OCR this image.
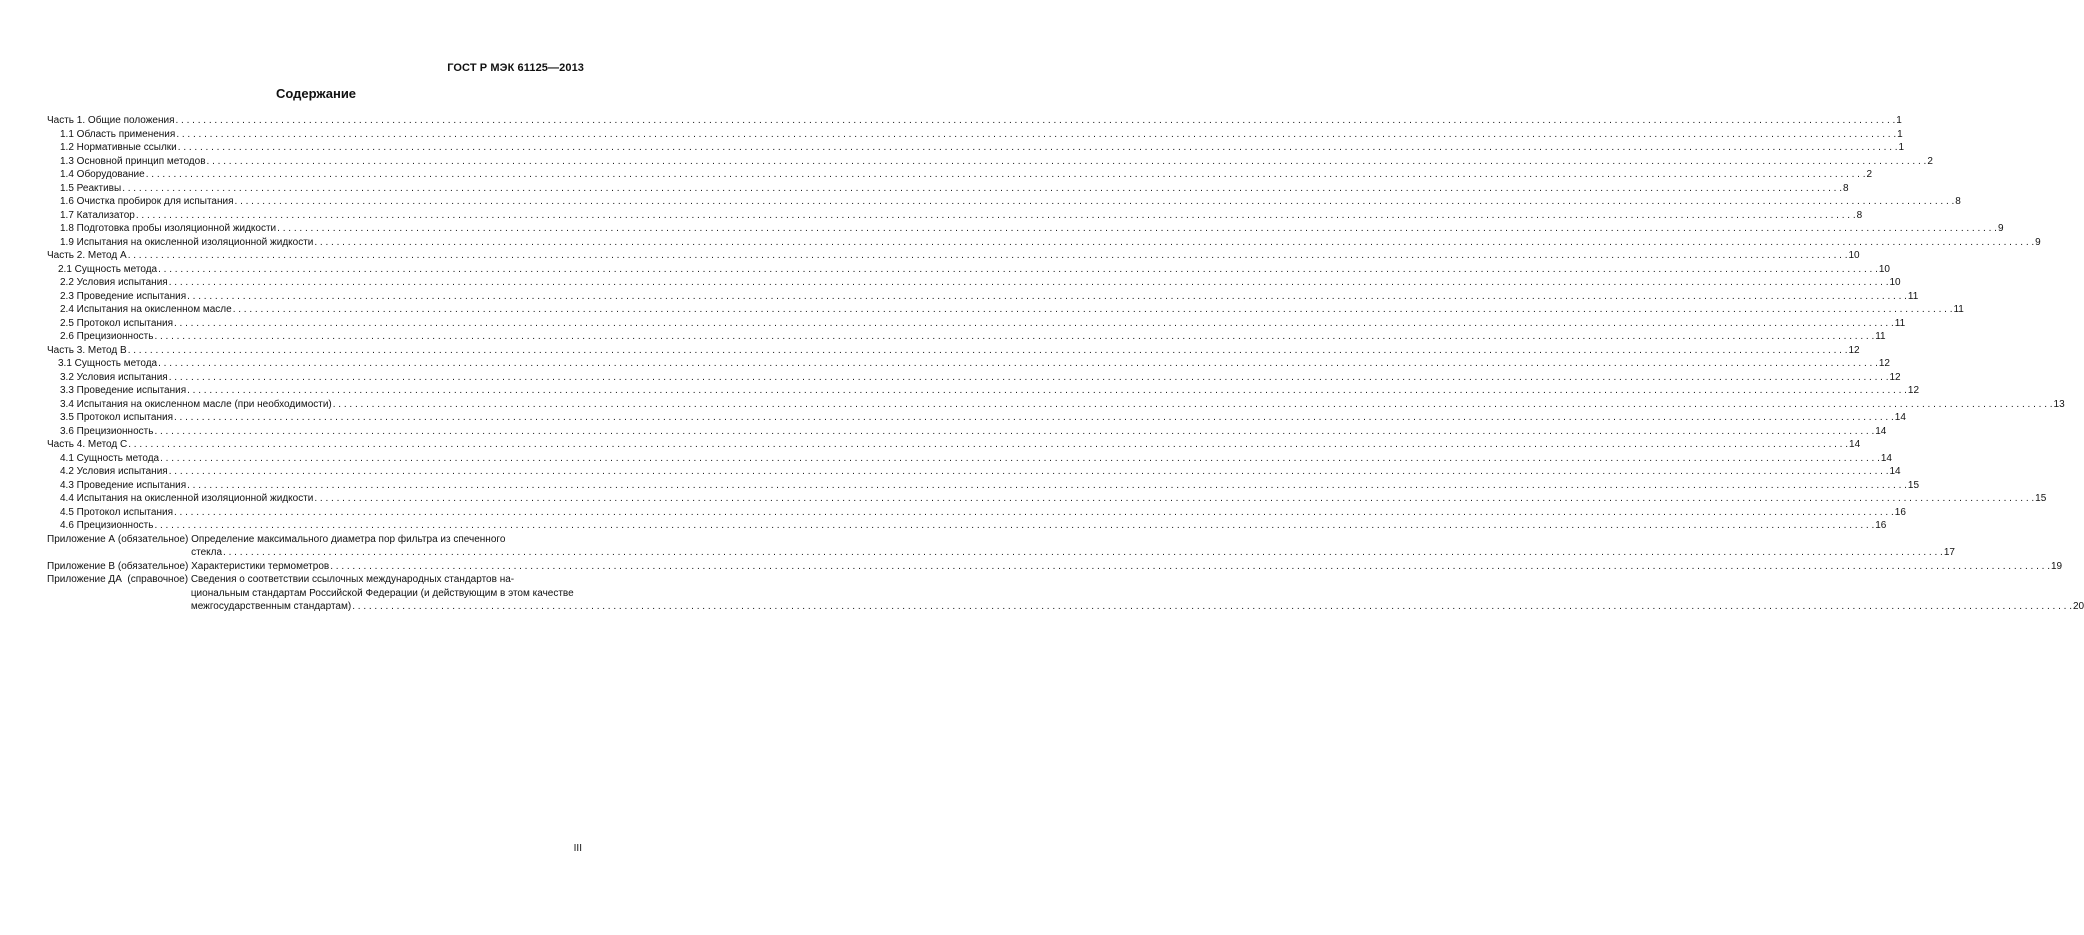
ГОСТ Р МЭК 61125—2013
Содержание
Часть 1. Общие положения . . .	1
1.1 Область применения . . .	1
1.2 Нормативные ссылки . . .	1
1.3 Основной принцип методов . . .	2
1.4 Оборудование . . .	2
1.5 Реактивы . . .	8
1.6 Очистка пробирок для испытания . . .	8
1.7 Катализатор . . .	8
1.8 Подготовка пробы изоляционной жидкости . . .	9
1.9 Испытания на окисленной изоляционной жидкости . . .	9
Часть 2. Метод А . . .	10
2.1 Сущность метода . . .	10
2.2 Условия испытания . . .	10
2.3 Проведение испытания . . .	11
2.4 Испытания на окисленном масле . . .	11
2.5 Протокол испытания . . .	11
2.6 Прецизионность . . .	11
Часть 3. Метод В . . .	12
3.1 Сущность метода . . .	12
3.2 Условия испытания . . .	12
3.3 Проведение испытания . . .	12
3.4 Испытания на окисленном масле (при необходимости) . . .	13
3.5 Протокол испытания . . .	14
3.6 Прецизионность . . .	14
Часть 4. Метод С . . .	14
4.1 Сущность метода . . .	14
4.2 Условия испытания . . .	14
4.3 Проведение испытания . . .	15
4.4 Испытания на окисленной изоляционной жидкости . . .	15
4.5 Протокол испытания . . .	16
4.6 Прецизионность . . .	16
Приложение А (обязательное) Определение максимального диаметра пор фильтра из спеченного
стекла . . .	17
Приложение В (обязательное) Характеристики термометров . . .	19
Приложение ДА  (справочное) Сведения о соответствии ссылочных международных стандартов на-
циональным стандартам Российской Федерации (и действующим в этом качестве
межгосударственным стандартам) . . .	20
III
